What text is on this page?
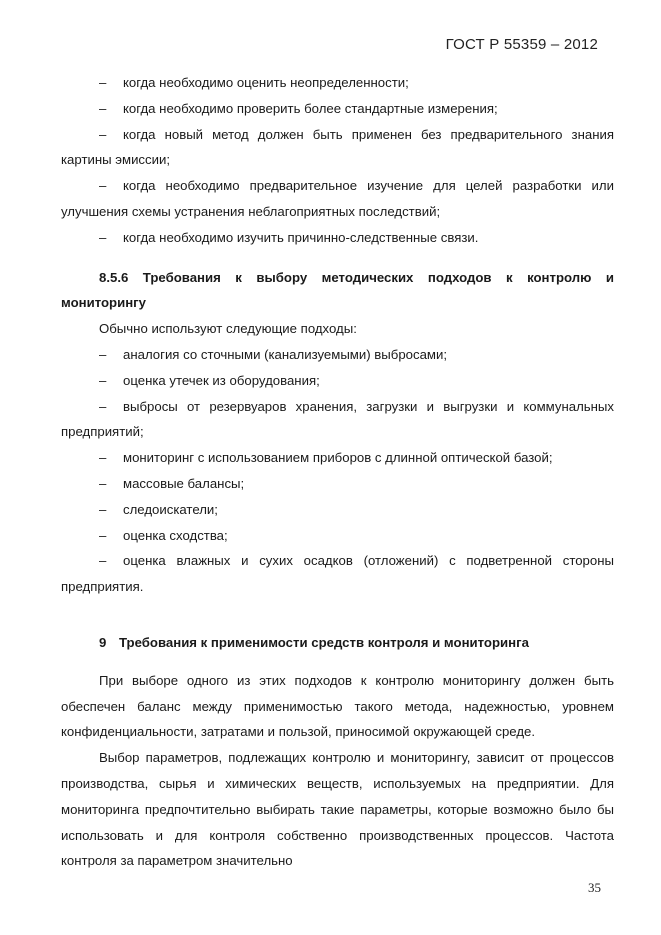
ГОСТ Р 55359 – 2012

– когда необходимо оценить неопределенности;

– когда необходимо проверить более стандартные измерения;

– когда новый метод должен быть применен без предварительного знания картины эмиссии;

– когда необходимо предварительное изучение для целей разработки или улучшения схемы устранения неблагоприятных последствий;

– когда необходимо изучить причинно-следственные связи.

8.5.6 Требования к выбору методических подходов к контролю и мониторингу

Обычно используют следующие подходы:

– аналогия со сточными (канализуемыми) выбросами;

– оценка утечек из оборудования;

– выбросы от резервуаров хранения, загрузки и выгрузки и коммунальных предприятий;

– мониторинг с использованием приборов с длинной оптической базой;

– массовые балансы;

– следоискатели;

– оценка сходства;

– оценка влажных и сухих осадков (отложений) с подветренной стороны предприятия.

9 Требования к применимости средств контроля и мониторинга

При выборе одного из этих подходов к контролю мониторингу должен быть обеспечен баланс между применимостью такого метода, надежностью, уровнем конфиденциальности, затратами и пользой, приносимой окружающей среде.

Выбор параметров, подлежащих контролю и мониторингу, зависит от процессов производства, сырья и химических веществ, используемых на предприятии. Для мониторинга предпочтительно выбирать такие параметры, которые возможно было бы использовать и для контроля собственно производственных процессов. Частота контроля за параметром значительно

35
